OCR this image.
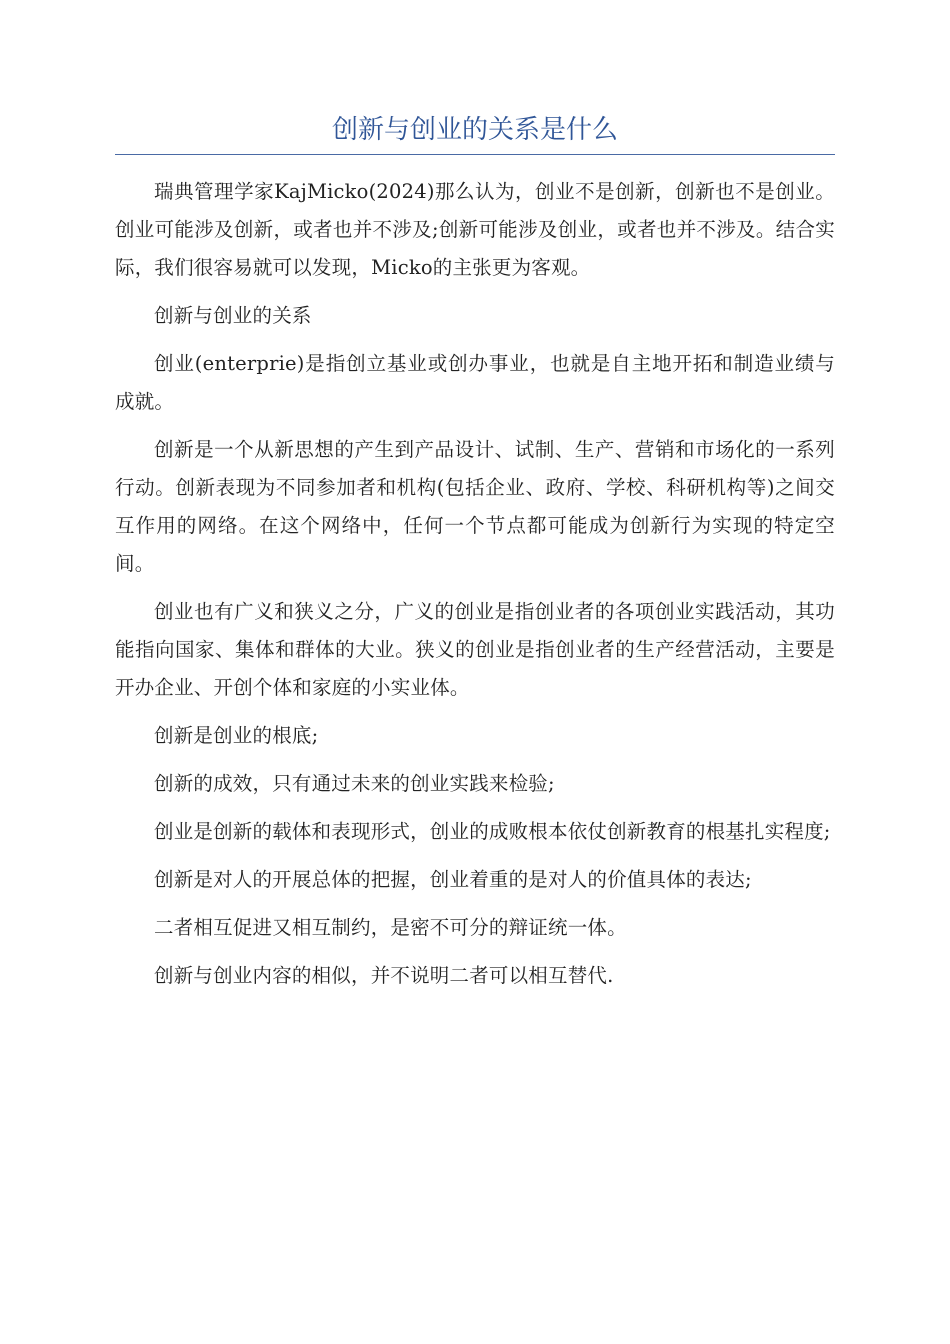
创新与创业的关系是什么

瑞典管理学家KajMicko(2024)那么认为，创业不是创新，创新也不是创业。创业可能涉及创新，或者也并不涉及;创新可能涉及创业，或者也并不涉及。结合实际，我们很容易就可以发现，Micko的主张更为客观。

创新与创业的关系

创业(enterprie)是指创立基业或创办事业，也就是自主地开拓和制造业绩与成就。

创新是一个从新思想的产生到产品设计、试制、生产、营销和市场化的一系列行动。创新表现为不同参加者和机构(包括企业、政府、学校、科研机构等)之间交互作用的网络。在这个网络中，任何一个节点都可能成为创新行为实现的特定空间。

创业也有广义和狭义之分，广义的创业是指创业者的各项创业实践活动，其功能指向国家、集体和群体的大业。狭义的创业是指创业者的生产经营活动，主要是开办企业、开创个体和家庭的小实业体。

创新是创业的根底;

创新的成效，只有通过未来的创业实践来检验;

创业是创新的载体和表现形式，创业的成败根本依仗创新教育的根基扎实程度;

创新是对人的开展总体的把握，创业着重的是对人的价值具体的表达;

二者相互促进又相互制约，是密不可分的辩证统一体。

创新与创业内容的相似，并不说明二者可以相互替代.
